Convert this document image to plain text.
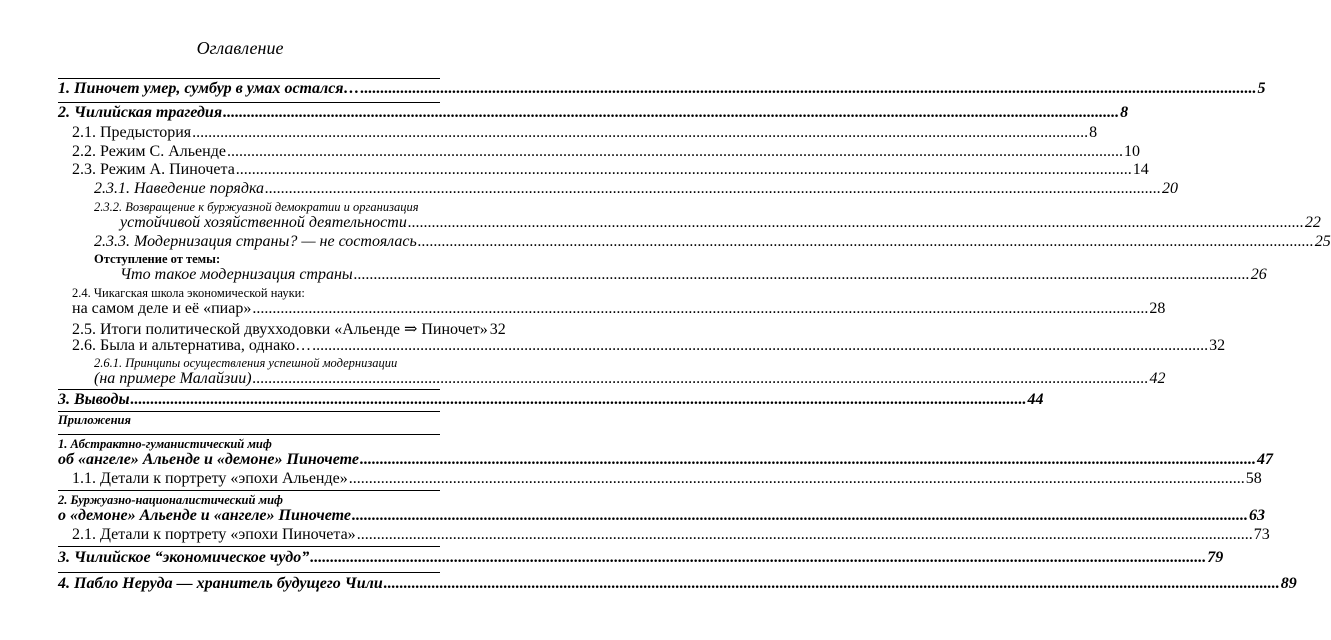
Оглавление
1. Пиночет умер, сумбур в умах остался… .....	5
2. Чилийская трагедия .....	8
2.1. Предыстория .....	8
2.2. Режим С. Альенде .....	10
2.3. Режим А. Пиночета .....	14
2.3.1. Наведение порядка .....	20
2.3.2. Возвращение к буржуазной демократии и организация
устойчивой хозяйственной деятельности .....	22
2.3.3. Модернизация страны? — не состоялась .....	25
Отступление от темы:
Что такое модернизация страны .....	26
2.4. Чикагская школа экономической науки:
на самом деле и её «пиар» .....	28
2.5. Итоги политической двухходовки «Альенде ⇒ Пиночет» 32
2.6. Была и альтернатива, однако… .....	32
2.6.1. Принципы осуществления успешной модернизации
(на примере Малайзии) .....	42
3. Выводы .....	44
Приложения
1. Абстрактно-гуманистический миф
об «ангеле» Альенде и «демоне» Пиночете .....	47
1.1. Детали к портрету «эпохи Альенде» .....	58
2. Буржуазно-националистический миф
о «демоне» Альенде и «ангеле» Пиночете .....	63
2.1. Детали к портрету «эпохи Пиночета» .....	73
3. Чилийское “экономическое чудо” .....	79
4. Пабло Неруда — хранитель будущего Чили .....	89
